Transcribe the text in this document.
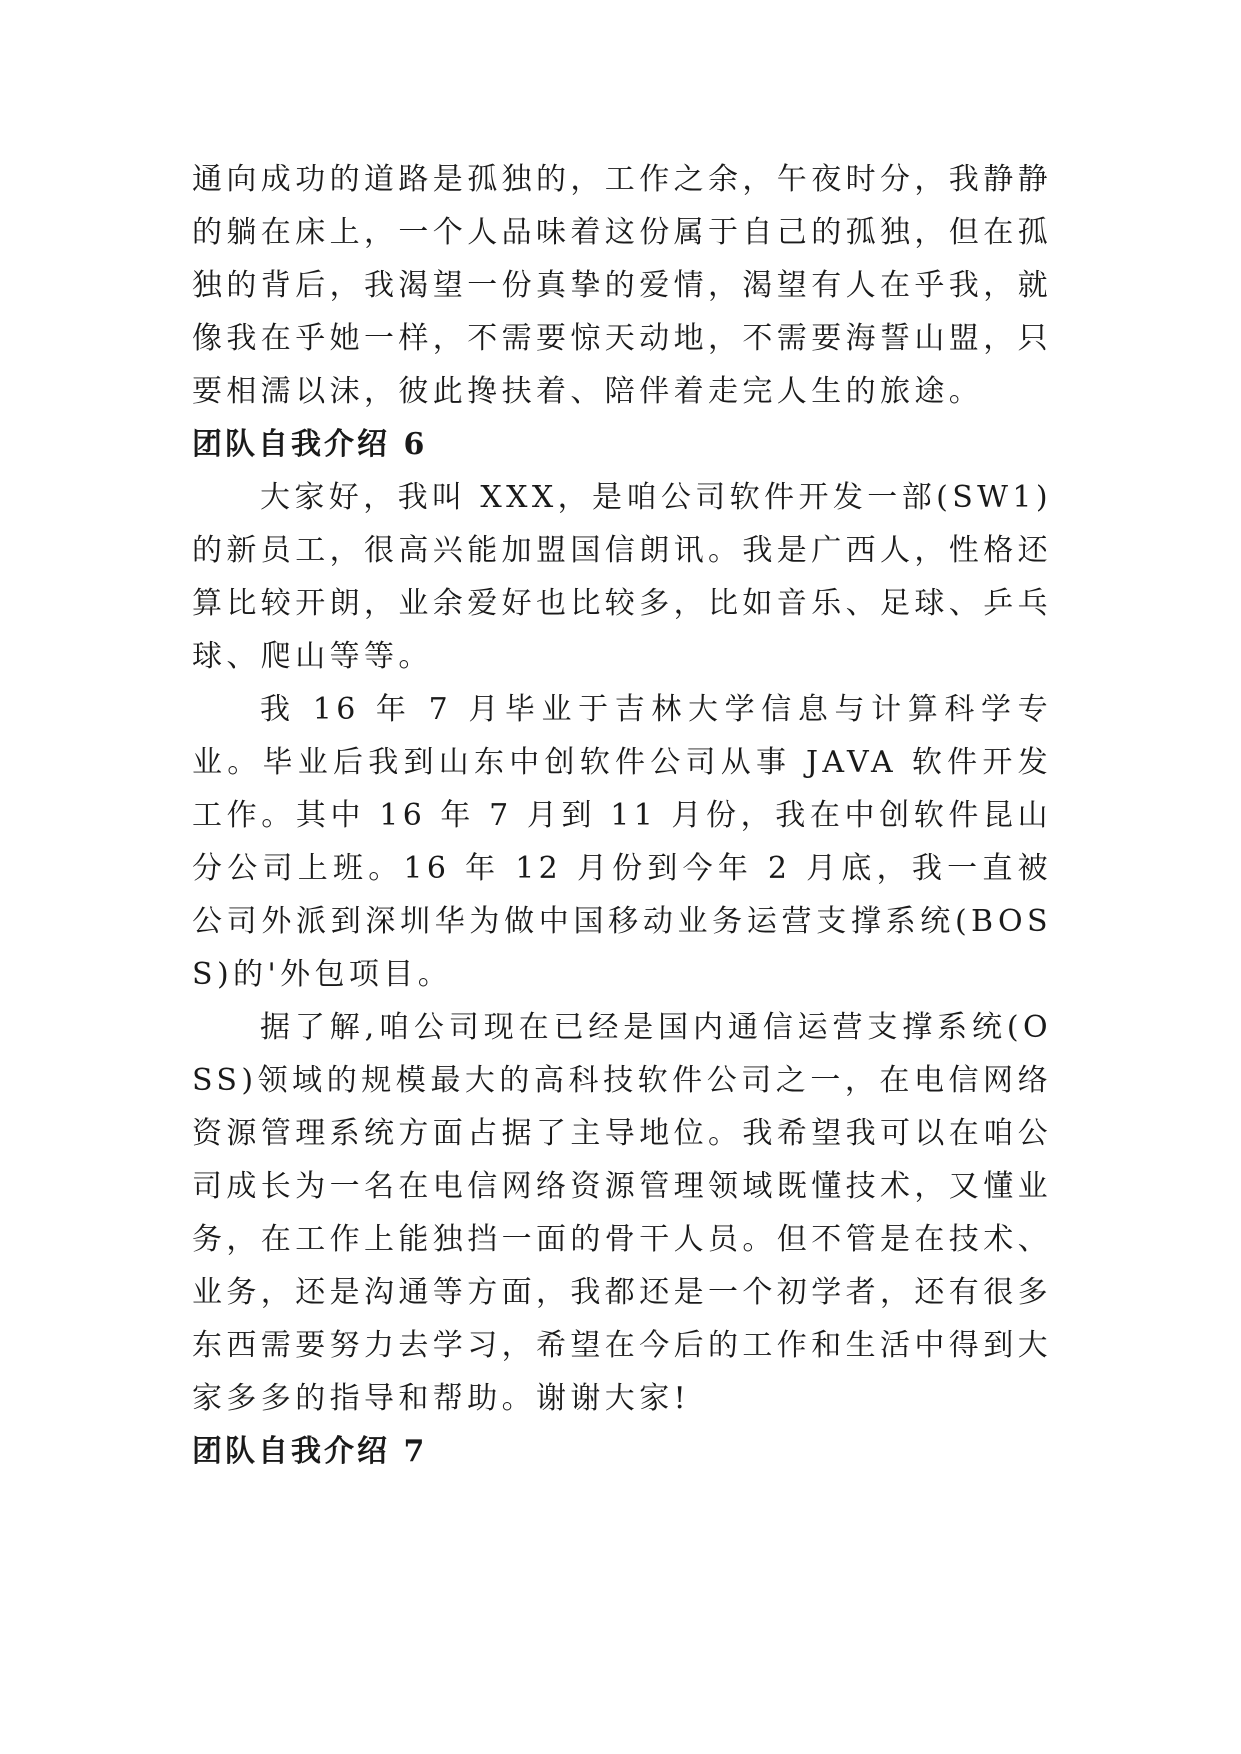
通向成功的道路是孤独的，工作之余，午夜时分，我静静的躺在床上，一个人品味着这份属于自己的孤独，但在孤独的背后，我渴望一份真挚的爱情，渴望有人在乎我，就像我在乎她一样，不需要惊天动地，不需要海誓山盟，只要相濡以沫，彼此搀扶着、陪伴着走完人生的旅途。

团队自我介绍 6

大家好，我叫 XXX，是咱公司软件开发一部(SW1)的新员工，很高兴能加盟国信朗讯。我是广西人，性格还算比较开朗，业余爱好也比较多，比如音乐、足球、乒乓球、爬山等等。

我 16 年 7 月毕业于吉林大学信息与计算科学专业。毕业后我到山东中创软件公司从事 JAVA 软件开发工作。其中 16 年 7 月到 11 月份，我在中创软件昆山分公司上班。16 年 12 月份到今年 2 月底，我一直被公司外派到深圳华为做中国移动业务运营支撑系统(BOSS)的'外包项目。

据了解,咱公司现在已经是国内通信运营支撑系统(OSS)领域的规模最大的高科技软件公司之一，在电信网络资源管理系统方面占据了主导地位。我希望我可以在咱公司成长为一名在电信网络资源管理领域既懂技术，又懂业务，在工作上能独挡一面的骨干人员。但不管是在技术、业务，还是沟通等方面，我都还是一个初学者，还有很多东西需要努力去学习，希望在今后的工作和生活中得到大家多多的指导和帮助。谢谢大家!

团队自我介绍 7
